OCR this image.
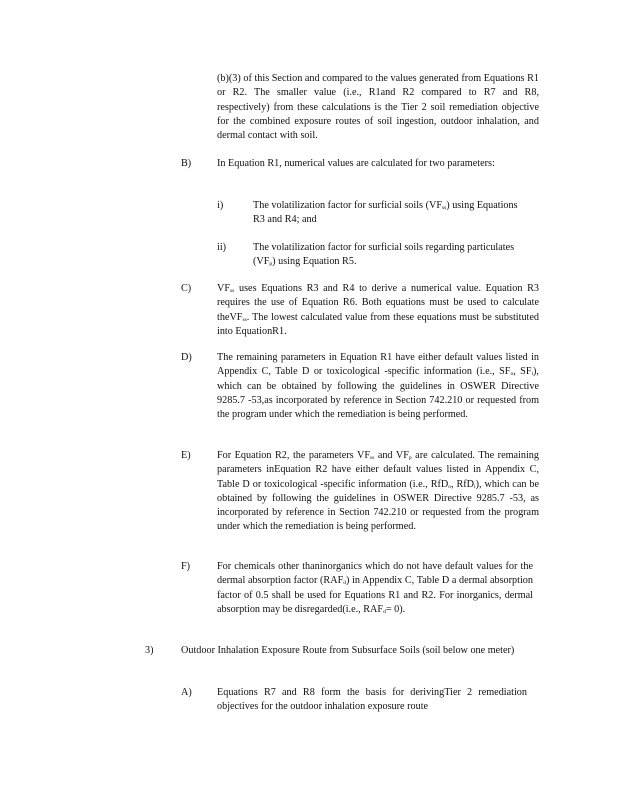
(b)(3) of this Section and compared to the values generated from Equations R1 or R2. The smaller value (i.e., R1and R2 compared to R7 and R8, respectively) from these calculations is the Tier 2 soil remediation objective for the combined exposure routes of soil ingestion, outdoor inhalation, and dermal contact with soil.
B)	In Equation R1, numerical values are calculated for two parameters:
i)	The volatilization factor for surficial soils $(VF_{ss})$ using Equations R3 and R4; and
ii)	The volatilization factor for surficial soils regarding particulates $(VF_p)$ using Equation R5.
C)	$VF_{ss}$ uses Equations R3 and R4 to derive a numerical value. Equation R3 requires the use of Equation R6. Both equations must be used to calculate theVF$_{ss}$. The lowest calculated value from these equations must be substituted into EquationR1.
D) The remaining parameters in Equation R1 have either default values listed in Appendix C, Table D or toxicological -specific information (i.e., $SF_o$, $SF_i$), which can be obtained by following the guidelines in OSWER Directive 9285.7 -53,as incorporated by reference in Section 742.210 or requested from the program under which the remediation is being performed.
E)	For Equation R2, the parameters $VF_{ss}$ and $VF_p$ are calculated. The remaining parameters inEquation R2 have either default values listed in Appendix C, Table D or toxicological -specific information (i.e., RfD$_o$, RfD$_i$), which can be obtained by following the guidelines in OSWER Directive 9285.7 -53, as incorporated by reference in Section 742.210 or requested from the program under which the remediation is being performed.
F)	For chemicals other thaninorganics which do not have default values for the dermal absorption factor $(RAF_d)$ in Appendix C, Table D a dermal absorption factor of 0.5 shall be used for Equations R1 and R2. For inorganics, dermal absorption may be disregarded(i.e., $RAF_d= 0$).
3)	Outdoor Inhalation Exposure Route from Subsurface Soils (soil below one meter)
A) Equations R7 and R8 form the basis for derivingTier 2 remediation objectives for the outdoor inhalation exposure route
